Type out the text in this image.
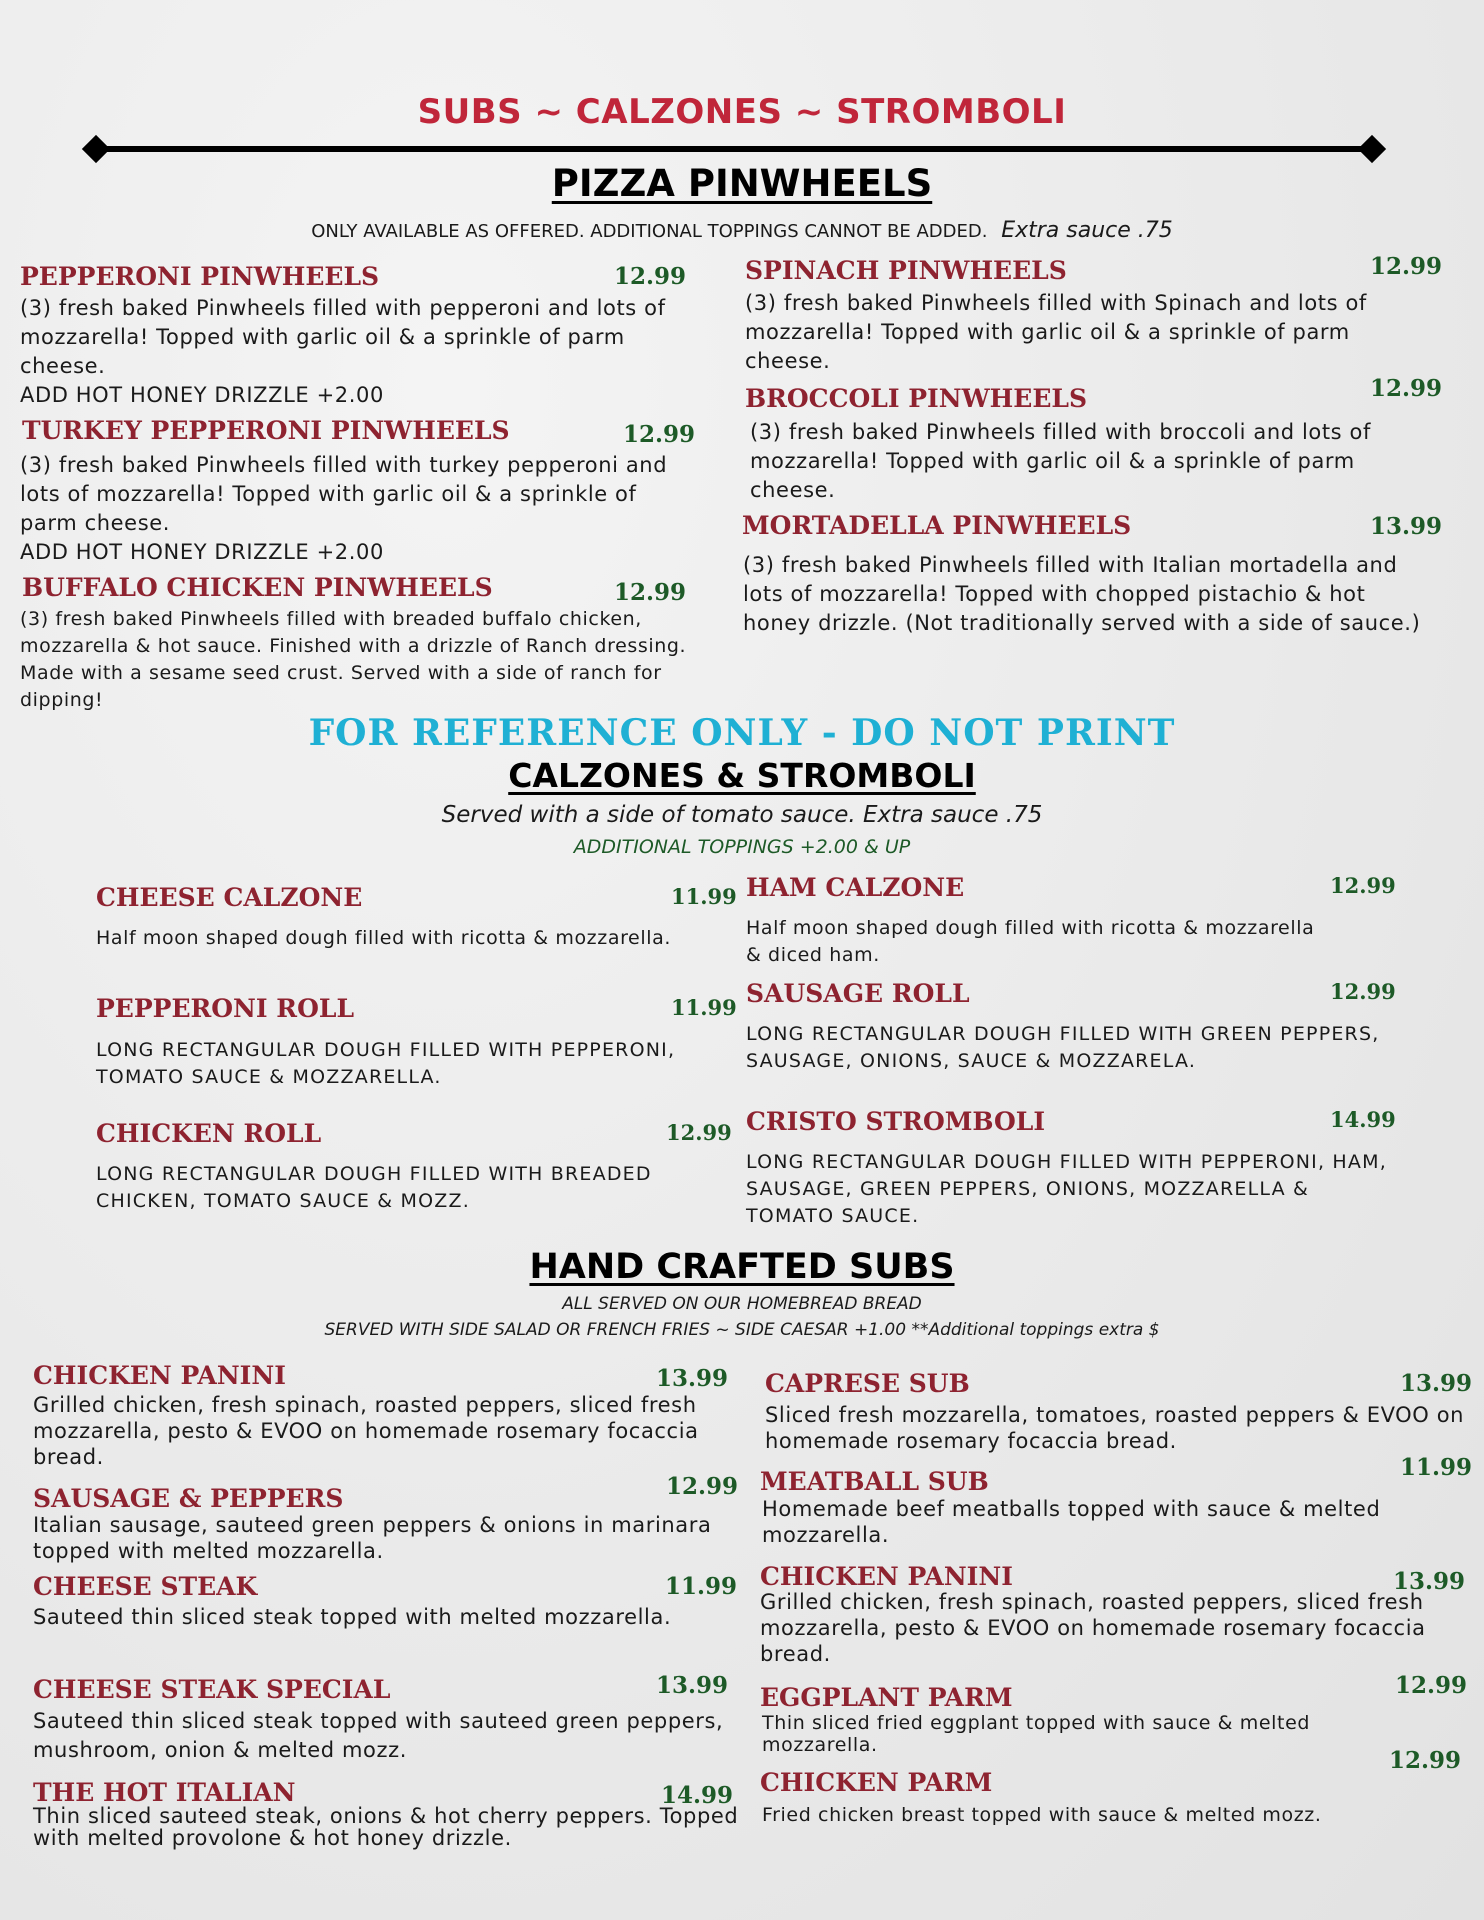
SUBS ~ CALZONES ~ STROMBOLI
PIZZA PINWHEELS
ONLY AVAILABLE AS OFFERED. ADDITIONAL TOPPINGS CANNOT BE ADDED. Extra sauce .75
PEPPERONI PINWHEELS	12.99
(3) fresh baked Pinwheels filled with pepperoni and lots of mozzarella! Topped with garlic oil & a sprinkle of parm cheese.
ADD HOT HONEY DRIZZLE +2.00
TURKEY PEPPERONI PINWHEELS	12.99
(3) fresh baked Pinwheels filled with turkey pepperoni and lots of mozzarella! Topped with garlic oil & a sprinkle of parm cheese.
ADD HOT HONEY DRIZZLE +2.00
BUFFALO CHICKEN PINWHEELS	12.99
(3) fresh baked Pinwheels filled with breaded buffalo chicken, mozzarella & hot sauce. Finished with a drizzle of Ranch dressing. Made with a sesame seed crust. Served with a side of ranch for dipping!
SPINACH PINWHEELS	12.99
(3) fresh baked Pinwheels filled with Spinach and lots of mozzarella! Topped with garlic oil & a sprinkle of parm cheese.
BROCCOLI PINWHEELS	12.99
(3) fresh baked Pinwheels filled with broccoli and lots of mozzarella! Topped with garlic oil & a sprinkle of parm cheese.
MORTADELLA PINWHEELS	13.99
(3) fresh baked Pinwheels filled with Italian mortadella and lots of mozzarella! Topped with chopped pistachio & hot honey drizzle. (Not traditionally served with a side of sauce.)
FOR REFERENCE ONLY - DO NOT PRINT
CALZONES & STROMBOLI
Served with a side of tomato sauce. Extra sauce .75
ADDITIONAL TOPPINGS +2.00 & UP
CHEESE CALZONE	11.99
Half moon shaped dough filled with ricotta & mozzarella.
PEPPERONI ROLL	11.99
LONG RECTANGULAR DOUGH FILLED WITH PEPPERONI, TOMATO SAUCE & MOZZARELLA.
CHICKEN ROLL	12.99
LONG RECTANGULAR DOUGH FILLED WITH BREADED CHICKEN, TOMATO SAUCE & MOZZ.
HAM CALZONE	12.99
Half moon shaped dough filled with ricotta & mozzarella & diced ham.
SAUSAGE ROLL	12.99
LONG RECTANGULAR DOUGH FILLED WITH GREEN PEPPERS, SAUSAGE, ONIONS, SAUCE & MOZZARELA.
CRISTO STROMBOLI	14.99
LONG RECTANGULAR DOUGH FILLED WITH PEPPERONI, HAM, SAUSAGE, GREEN PEPPERS, ONIONS, MOZZARELLA & TOMATO SAUCE.
HAND CRAFTED SUBS
ALL SERVED ON OUR HOMEBREAD BREAD
SERVED WITH SIDE SALAD OR FRENCH FRIES ~ SIDE CAESAR +1.00 **Additional toppings extra $
CHICKEN PANINI	13.99
Grilled chicken, fresh spinach, roasted peppers, sliced fresh mozzarella, pesto & EVOO on homemade rosemary focaccia bread.
SAUSAGE & PEPPERS	12.99
Italian sausage, sauteed green peppers & onions in marinara topped with melted mozzarella.
CHEESE STEAK	11.99
Sauteed thin sliced steak topped with melted mozzarella.
CHEESE STEAK SPECIAL	13.99
Sauteed thin sliced steak topped with sauteed green peppers, mushroom, onion & melted mozz.
THE HOT ITALIAN	14.99
Thin sliced sauteed steak, onions & hot cherry peppers. Topped with melted provolone & hot honey drizzle.
CAPRESE SUB	13.99
Sliced fresh mozzarella, tomatoes, roasted peppers & EVOO on homemade rosemary focaccia bread.
MEATBALL SUB	11.99
Homemade beef meatballs topped with sauce & melted mozzarella.
CHICKEN PANINI	13.99
Grilled chicken, fresh spinach, roasted peppers, sliced fresh mozzarella, pesto & EVOO on homemade rosemary focaccia bread.
EGGPLANT PARM	12.99
Thin sliced fried eggplant topped with sauce & melted mozzarella.
CHICKEN PARM
12.99
Fried chicken breast topped with sauce & melted mozz.
